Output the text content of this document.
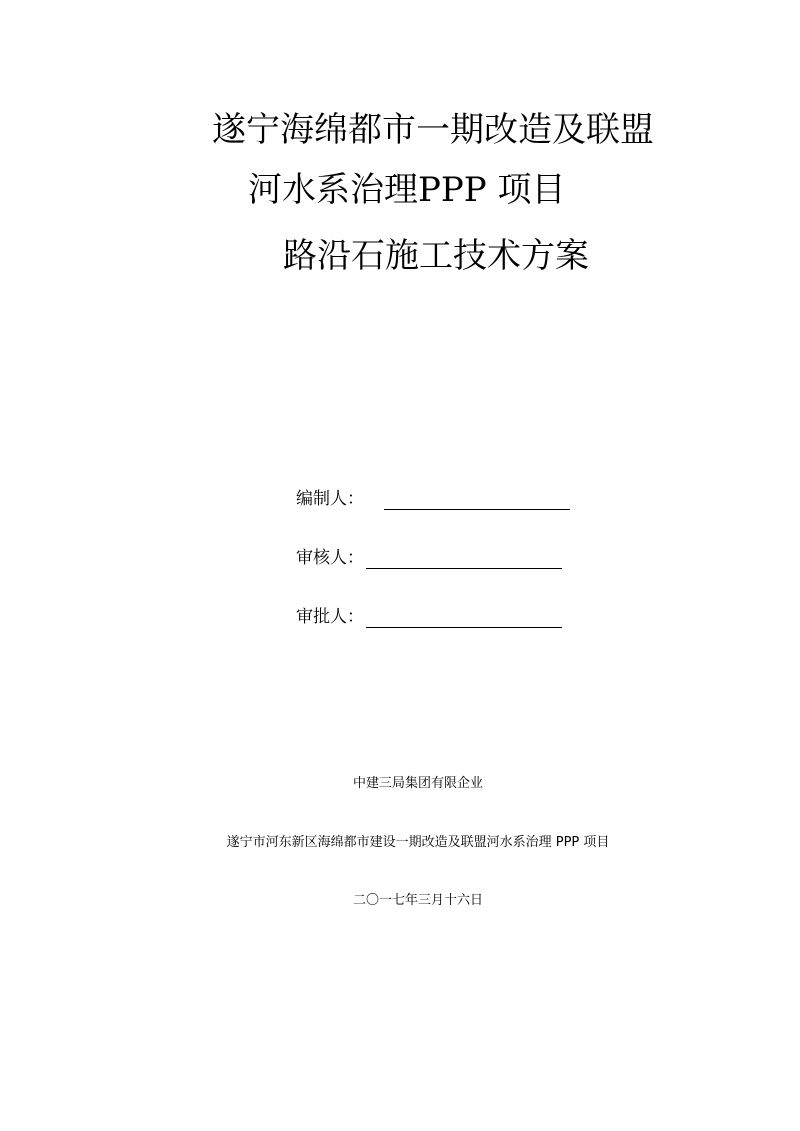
遂宁海绵都市一期改造及联盟
河水系治理PPP 项目
路沿石施工技术方案
编制人：
审核人：
审批人：
中建三局集团有限企业
遂宁市河东新区海绵都市建设一期改造及联盟河水系治理 PPP 项目
二〇一七年三月十六日
